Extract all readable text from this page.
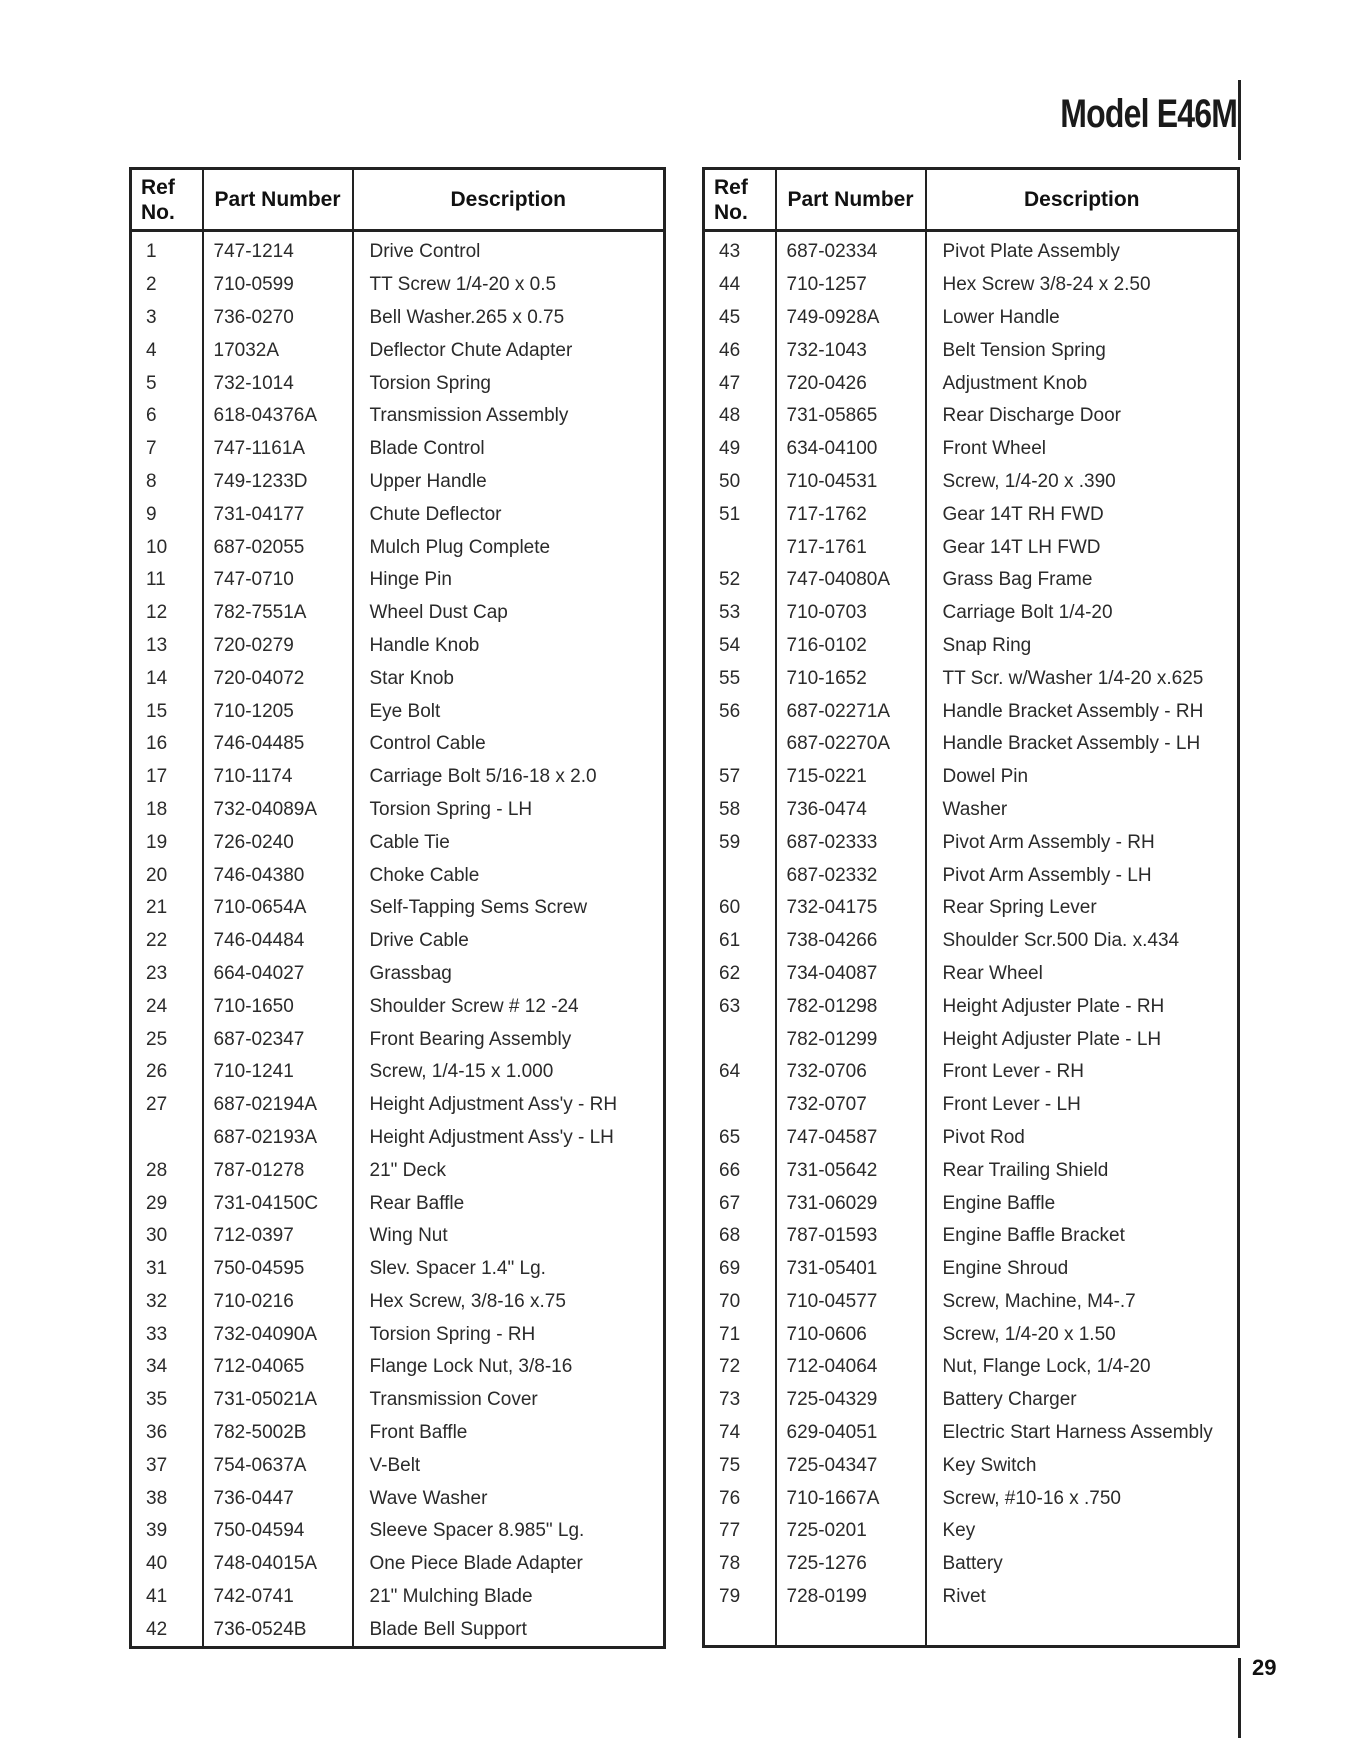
Model E46M
Ref
No.	Part Number	Description
1	747-1214	Drive Control
2	710-0599	TT Screw 1/4-20 x 0.5
3	736-0270	Bell Washer.265 x 0.75
4	17032A	Deflector Chute Adapter
5	732-1014	Torsion Spring
6	618-04376A	Transmission Assembly
7	747-1161A	Blade Control
8	749-1233D	Upper Handle
9	731-04177	Chute Deflector
10	687-02055	Mulch Plug Complete
11	747-0710	Hinge Pin
12	782-7551A	Wheel Dust Cap
13	720-0279	Handle Knob
14	720-04072	Star Knob
15	710-1205	Eye Bolt
16	746-04485	Control Cable
17	710-1174	Carriage Bolt 5/16-18 x 2.0
18	732-04089A	Torsion Spring - LH
19	726-0240	Cable Tie
20	746-04380	Choke Cable
21	710-0654A	Self-Tapping Sems Screw
22	746-04484	Drive Cable
23	664-04027	Grassbag
24	710-1650	Shoulder Screw # 12 -24
25	687-02347	Front Bearing Assembly
26	710-1241	Screw, 1/4-15 x 1.000
27	687-02194A	Height Adjustment Ass'y - RH
	687-02193A	Height Adjustment Ass'y - LH
28	787-01278	21" Deck
29	731-04150C	Rear Baffle
30	712-0397	Wing Nut
31	750-04595	Slev. Spacer 1.4" Lg.
32	710-0216	Hex Screw, 3/8-16 x.75
33	732-04090A	Torsion Spring - RH
34	712-04065	Flange Lock Nut, 3/8-16
35	731-05021A	Transmission Cover
36	782-5002B	Front Baffle
37	754-0637A	V-Belt
38	736-0447	Wave Washer
39	750-04594	Sleeve Spacer 8.985" Lg.
40	748-04015A	One Piece Blade Adapter
41	742-0741	21" Mulching Blade
42	736-0524B	Blade Bell Support
Ref
No.	Part Number	Description
43	687-02334	Pivot Plate Assembly
44	710-1257	Hex Screw 3/8-24 x 2.50
45	749-0928A	Lower Handle
46	732-1043	Belt Tension Spring
47	720-0426	Adjustment Knob
48	731-05865	Rear Discharge Door
49	634-04100	Front Wheel
50	710-04531	Screw, 1/4-20 x .390
51	717-1762	Gear 14T RH FWD
	717-1761	Gear 14T LH FWD
52	747-04080A	Grass Bag Frame
53	710-0703	Carriage Bolt 1/4-20
54	716-0102	Snap Ring
55	710-1652	TT Scr. w/Washer 1/4-20 x.625
56	687-02271A	Handle Bracket Assembly - RH
	687-02270A	Handle Bracket Assembly - LH
57	715-0221	Dowel Pin
58	736-0474	Washer
59	687-02333	Pivot Arm Assembly - RH
	687-02332	Pivot Arm Assembly - LH
60	732-04175	Rear Spring Lever
61	738-04266	Shoulder Scr.500 Dia. x.434
62	734-04087	Rear Wheel
63	782-01298	Height Adjuster Plate - RH
	782-01299	Height Adjuster Plate - LH
64	732-0706	Front Lever - RH
	732-0707	Front Lever - LH
65	747-04587	Pivot Rod
66	731-05642	Rear Trailing Shield
67	731-06029	Engine Baffle
68	787-01593	Engine Baffle Bracket
69	731-05401	Engine Shroud
70	710-04577	Screw, Machine, M4-.7
71	710-0606	Screw, 1/4-20 x 1.50
72	712-04064	Nut, Flange Lock, 1/4-20
73	725-04329	Battery Charger
74	629-04051	Electric Start Harness Assembly
75	725-04347	Key Switch
76	710-1667A	Screw, #10-16 x .750
77	725-0201	Key
78	725-1276	Battery
79	728-0199	Rivet

29
